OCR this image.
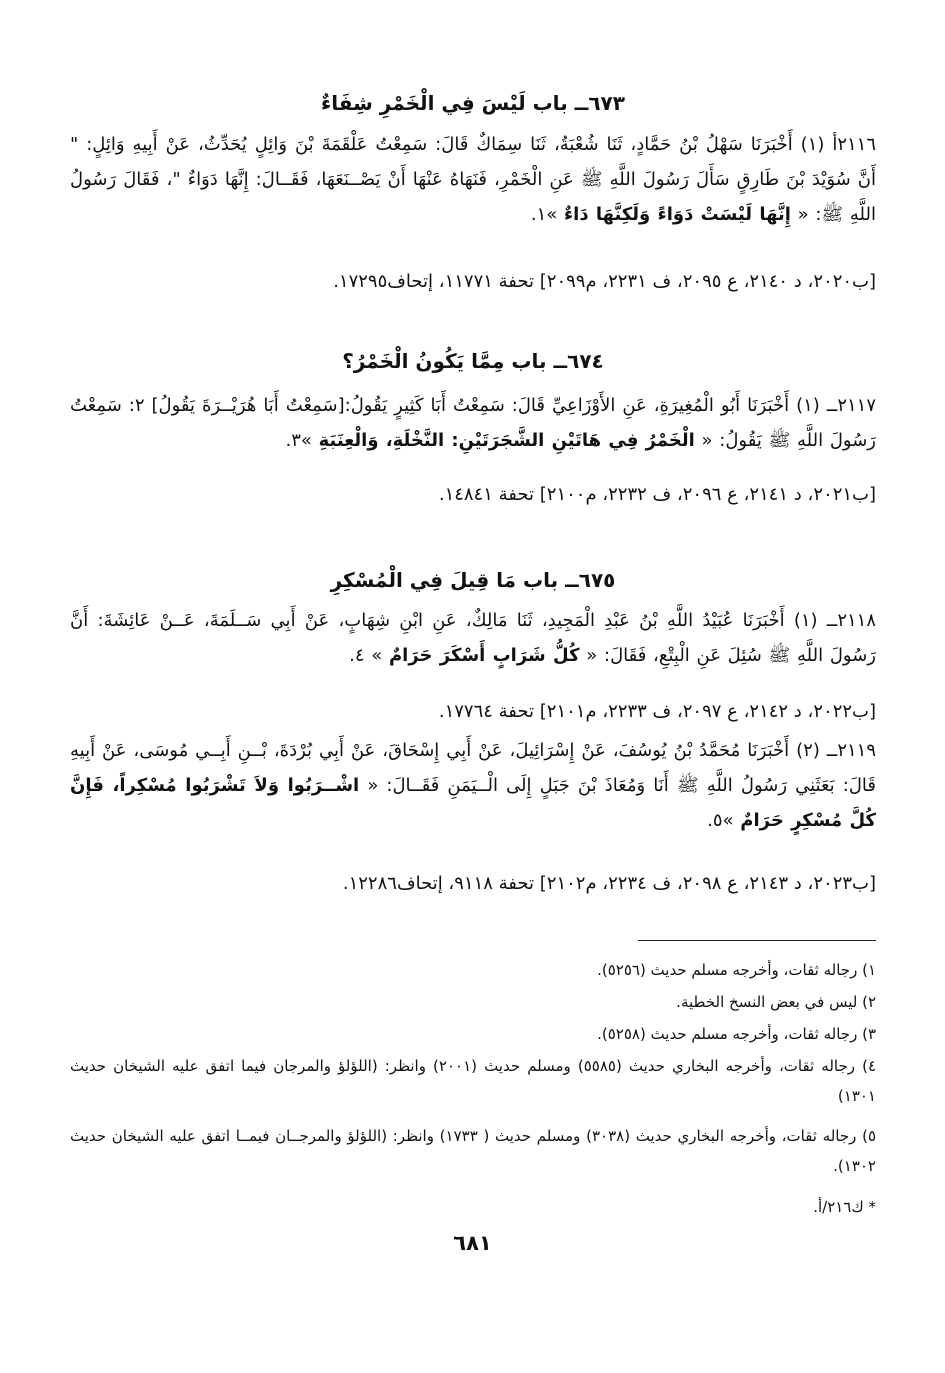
٦٧٣ــ باب لَيْسَ فِي الْخَمْرِ شِفَاءٌ

٢١١٦أ (١) أَخْبَرَنَا سَهْلُ بْنُ حَمَّادٍ، ثَنَا شُعْبَةُ، ثَنَا سِمَاكٌ قَالَ: سَمِعْتُ عَلْقَمَةَ بْنَ وَائِلٍ يُحَدِّثُ، عَنْ أَبِيهِ وَائِلٍ: " أَنَّ سُوَيْدَ بْنَ طَارِقٍ سَأَلَ رَسُولَ اللَّهِ ﷺ عَنِ الْخَمْرِ، فَنَهَاهُ عَنْهَا أَنْ يَصْــنَعَهَا، فَقَــالَ: إِنَّهَا دَوَاءٌ "، فَقَالَ رَسُولُ اللَّهِ ﷺ: « إِنَّهَا لَيْسَتْ دَوَاءً وَلَكِنَّهَا دَاءٌ »١.

[ب٢٠٢٠، د ٢١٤٠، ع ٢٠٩٥، ف ٢٢٣١، م٢٠٩٩] تحفة ١١٧٧١، إتحاف١٧٢٩٥.
٦٧٤ــ باب مِمَّا يَكُونُ الْخَمْرُ؟

٢١١٧ــ (١) أَخْبَرَنَا أَبُو الْمُغِيرَةِ، عَنِ الأَوْزَاعِيِّ قَالَ: سَمِعْتُ أَبَا كَثِيرٍ يَقُولُ:[سَمِعْتُ أَبَا هُرَيْــرَةَ يَقُولُ] ٢: سَمِعْتُ رَسُولَ اللَّهِ ﷺ يَقُولُ: « الْخَمْرُ فِي هَاتَيْنِ الشَّجَرَتَيْنِ: النَّخْلَةِ، وَالْعِنَبَةِ »٣.

[ب٢٠٢١، د ٢١٤١، ع ٢٠٩٦، ف ٢٢٣٢، م٢١٠٠] تحفة ١٤٨٤١.
٦٧٥ــ باب مَا قِيلَ فِي الْمُسْكِرِ

٢١١٨ــ (١) أَخْبَرَنَا عُبَيْدُ اللَّهِ بْنُ عَبْدِ الْمَجِيدِ، ثَنَا مَالِكٌ، عَنِ ابْنِ شِهَابٍ، عَنْ أَبِي سَــلَمَةَ، عَــنْ عَائِشَةَ: أَنَّ رَسُولَ اللَّهِ ﷺ سُئِلَ عَنِ الْبِتْعِ، فَقَالَ: « كُلُّ شَرَابٍ أَسْكَرَ حَرَامٌ » ٤.

[ب٢٠٢٢، د ٢١٤٢، ع ٢٠٩٧، ف ٢٢٣٣، م٢١٠١] تحفة ١٧٧٦٤.

٢١١٩ــ (٢) أَخْبَرَنَا مُحَمَّدُ بْنُ يُوسُفَ، عَنْ إِسْرَائِيلَ، عَنْ أَبِي إِسْحَاقَ، عَنْ أَبِي بُرْدَةَ، بْــنِ أَبِــي مُوسَى، عَنْ أَبِيهِ قَالَ: بَعَثَنِي رَسُولُ اللَّهِ ﷺ أَنَا وَمُعَاذَ بْنَ جَبَلٍ إِلَى الْــيَمَنِ فَقَــالَ: « اشْــرَبُوا وَلاَ تَشْرَبُوا مُسْكِراً، فَإِنَّ كُلَّ مُسْكِرٍ حَرَامٌ »٥.

[ب٢٠٢٣، د ٢١٤٣، ع ٢٠٩٨، ف ٢٢٣٤، م٢١٠٢] تحفة ٩١١٨، إتحاف١٢٢٨٦.
١) رجاله ثقات، وأخرجه مسلم حديث (٥٢٥٦).
٢) ليس في بعض النسخ الخطية.
٣) رجاله ثقات، وأخرجه مسلم حديث (٥٢٥٨).
٤) رجاله ثقات، وأخرجه البخاري حديث (٥٥٨٥) ومسلم حديث (٢٠٠١) وانظر: (اللؤلؤ والمرجان فيما اتفق عليه الشيخان حديث ١٣٠١)
٥) رجاله ثقات، وأخرجه البخاري حديث (٣٠٣٨) ومسلم حديث ( ١٧٣٣) وانظر: (اللؤلؤ والمرجــان فيمــا اتفق عليه الشيخان حديث ١٣٠٢).
* ك٢١٦/أ.
٦٨١
